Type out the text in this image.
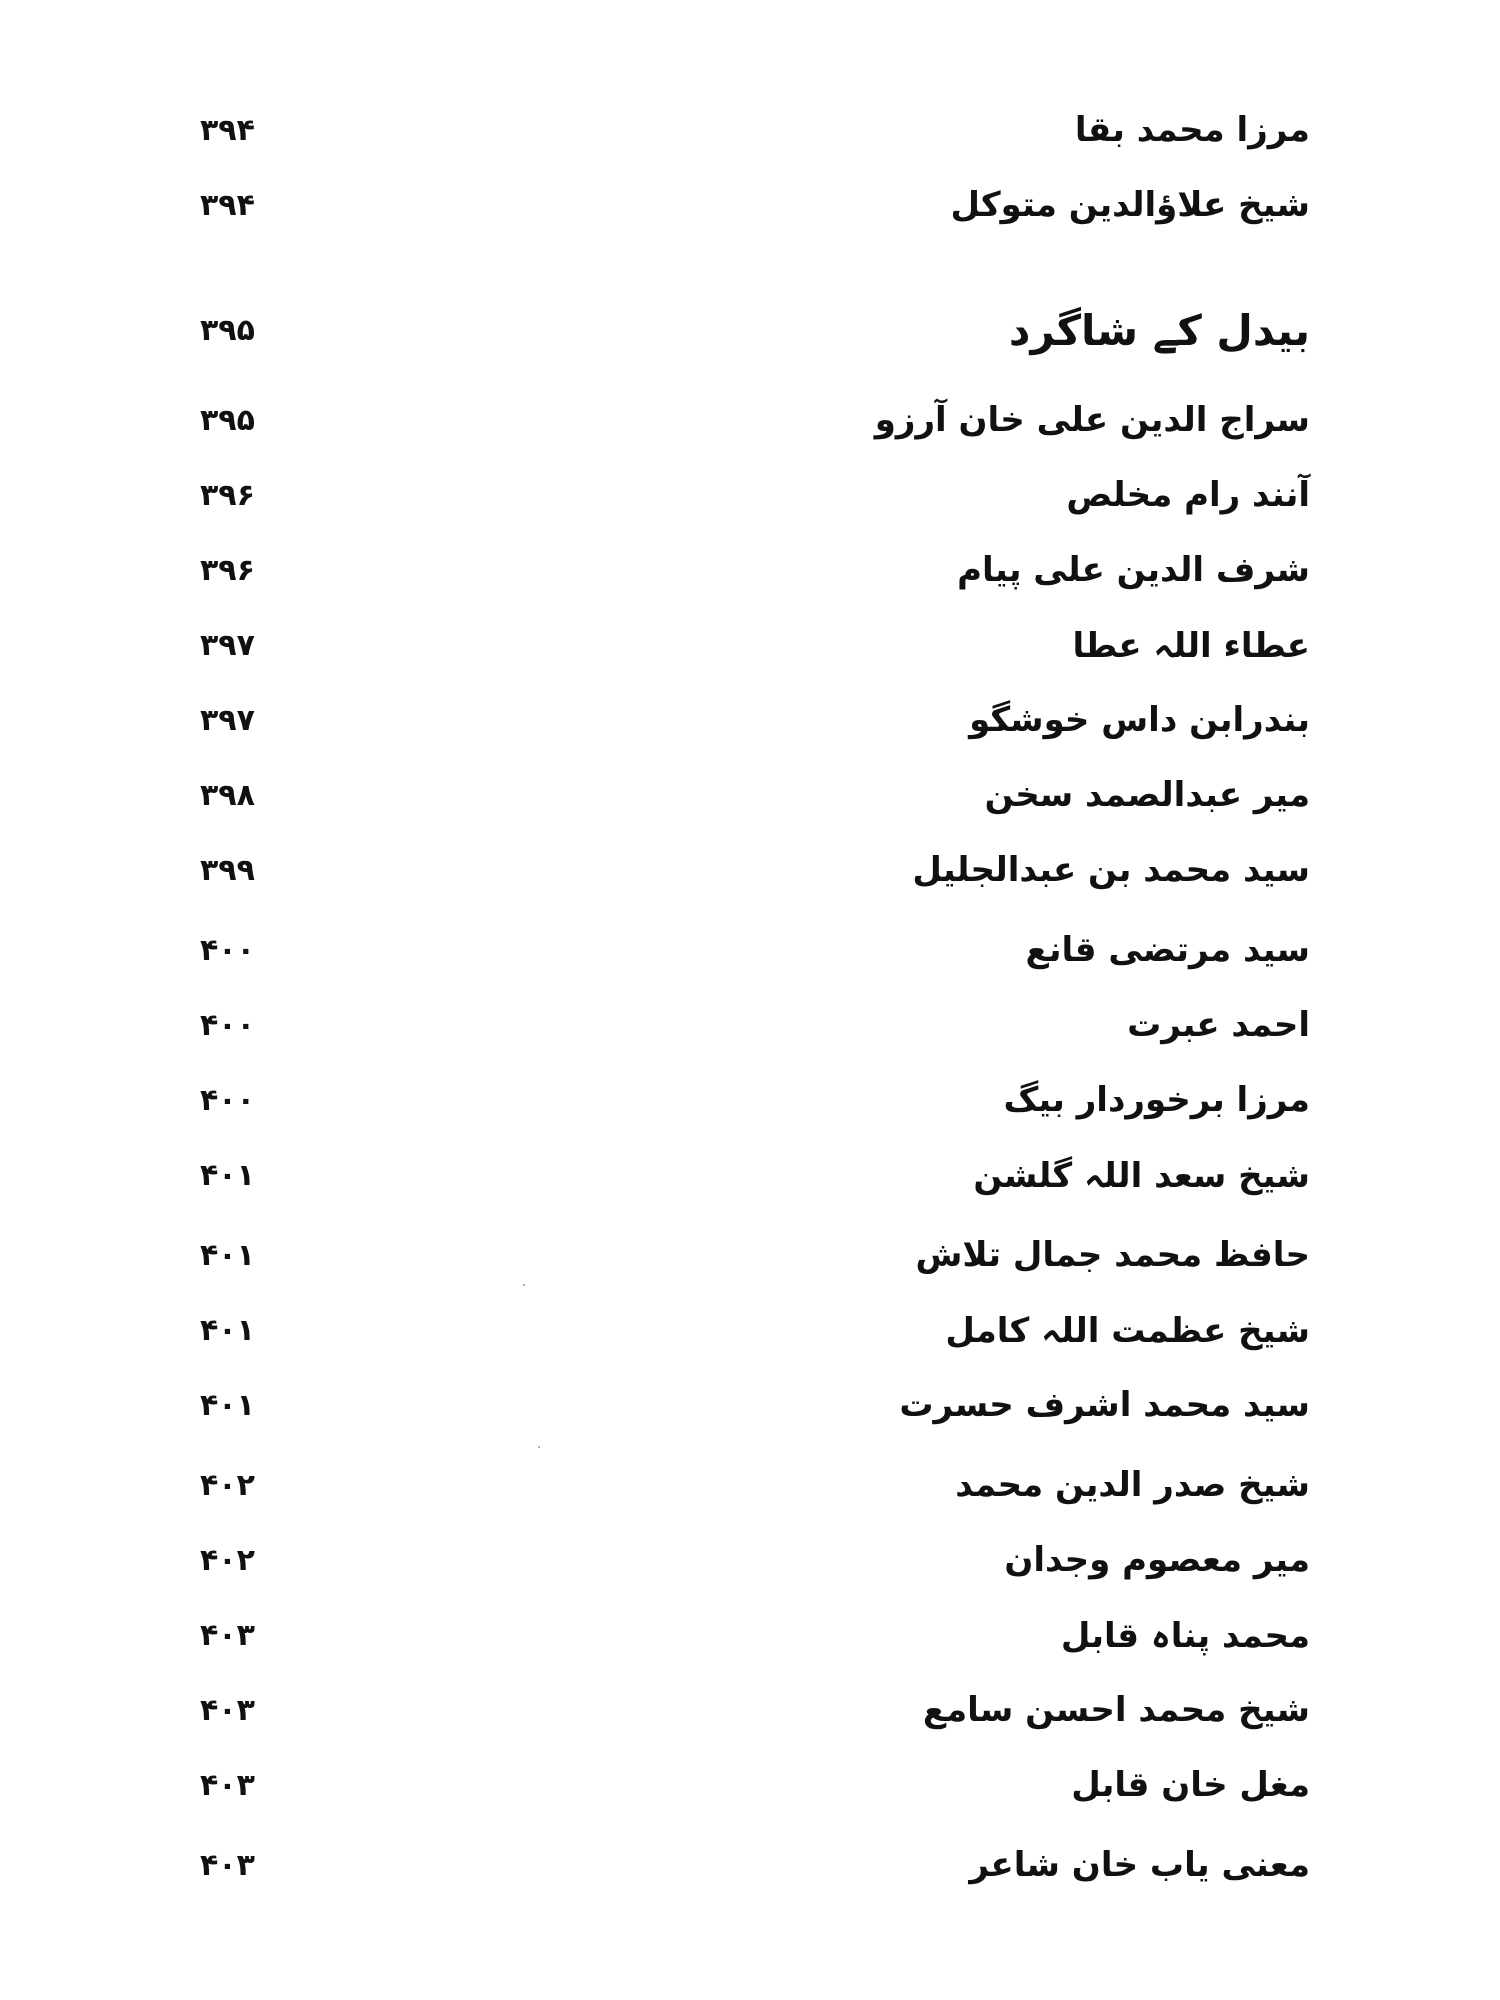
۳۹۴	مرزا محمد بقا
۳۹۴	شیخ علاؤالدین متوکل
۳۹۵	بیدل کے شاگرد
۳۹۵	سراج الدین علی خان آرزو
۳۹۶	آنند رام مخلص
۳۹۶	شرف الدین علی پیام
۳۹۷	عطاء اللہ عطا
۳۹۷	بندرابن داس خوشگو
۳۹۸	میر عبدالصمد سخن
۳۹۹	سید محمد بن عبدالجلیل
۴۰۰	سید مرتضی قانع
۴۰۰	احمد عبرت
۴۰۰	مرزا برخوردار بیگ
۴۰۱	شیخ سعد اللہ گلشن
۴۰۱	حافظ محمد جمال تلاش
۴۰۱	شیخ عظمت اللہ کامل
۴۰۱	سید محمد اشرف حسرت
۴۰۲	شیخ صدر الدین محمد
۴۰۲	میر معصوم وجدان
۴۰۳	محمد پناہ قابل
۴۰۳	شیخ محمد احسن سامع
۴۰۳	مغل خان قابل
۴۰۳	معنی یاب خان شاعر
